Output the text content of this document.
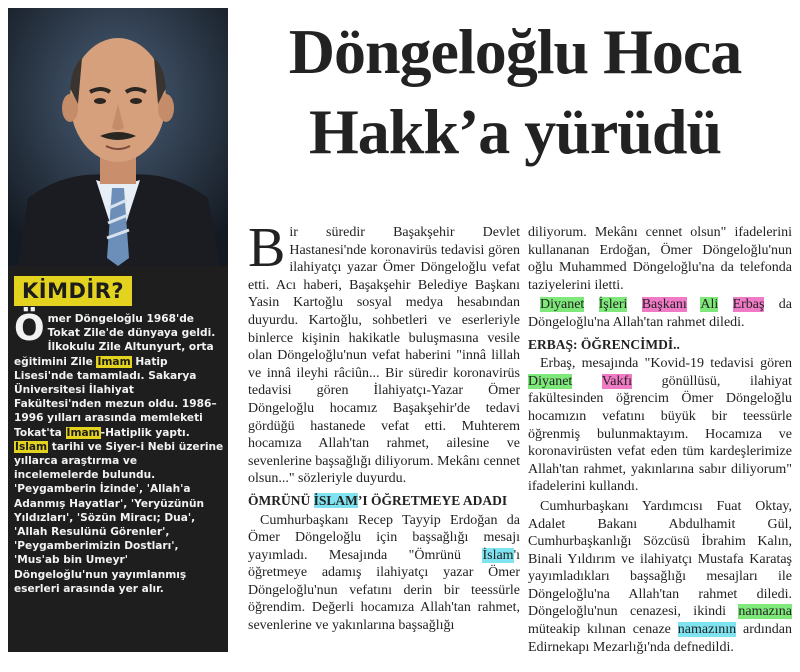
KİMDİR?

Ömer Döngeloğlu 1968'de Tokat Zile'de dünyaya geldi. İlkokulu Zile Altunyurt, orta eğitimini Zile İmam Hatip Lisesi'nde tamamladı. Sakarya Üniversitesi İlahiyat Fakültesi'nden mezun oldu. 1986–1996 yılları arasında memleketi Tokat'ta İmam-Hatiplik yaptı. İslam tarihi ve Siyer-i Nebi üzerine yıllarca araştırma ve incelemelerde bulundu. 'Peygamberin İzinde', 'Allah'a Adanmış Hayatlar', 'Yeryüzünün Yıldızları', 'Sözün Miracı; Dua', 'Allah Resulünü Görenler', 'Peygamberimizin Dostları', 'Mus'ab bin Umeyr' Döngeloğlu'nun yayımlanmış eserleri arasında yer alır.

Döngeloğlu Hoca
Hakk’a yürüdü

Bir süredir Başakşehir Devlet Hastanesi'nde koronavirüs tedavisi gören ilahiyatçı yazar Ömer Döngeloğlu vefat etti. Acı haberi, Başakşehir Belediye Başkanı Yasin Kartoğlu sosyal medya hesabından duyurdu. Kartoğlu, sohbetleri ve eserleriyle binlerce kişinin hakikatle buluşmasına vesile olan Döngeloğlu'nun vefat haberini "innâ lillah ve innâ ileyhi râciûn... Bir süredir koronavirüs tedavisi gören İlahiyatçı-Yazar Ömer Döngeloğlu hocamız Başakşehir'de tedavi gördüğü hastanede vefat etti. Muhterem hocamıza Allah'tan rahmet, ailesine ve sevenlerine başsağlığı diliyorum. Mekânı cennet olsun..." sözleriyle duyurdu.

ÖMRÜNÜ İSLAM’I ÖĞRETMEYE ADADI

Cumhurbaşkanı Recep Tayyip Erdoğan da Ömer Döngeloğlu için başsağlığı mesajı yayımladı. Mesajında "Ömrünü İslam'ı öğretmeye adamış ilahiyatçı yazar Ömer Döngeloğlu'nun vefatını derin bir teessürle öğrendim. Değerli hocamıza Allah'tan rahmet, sevenlerine ve yakınlarına başsağlığı

diliyorum. Mekânı cennet olsun" ifadelerini kullananan Erdoğan, Ömer Döngeloğlu'nun oğlu Muhammed Döngeloğlu'na da telefonda taziyelerini iletti.

Diyanet İşleri Başkanı Ali Erbaş da Döngeloğlu'na Allah'tan rahmet diledi.

ERBAŞ: ÖĞRENCİMDİ..

Erbaş, mesajında "Kovid-19 tedavisi gören Diyanet Vakfı gönüllüsü, ilahiyat fakültesinden öğrencim Ömer Döngeloğlu hocamızın vefatını büyük bir teessürle öğrenmiş bulunmaktayım. Hocamıza ve koronavirüsten vefat eden tüm kardeşlerimize Allah'tan rahmet, yakınlarına sabır diliyorum" ifadelerini kullandı.

Cumhurbaşkanı Yardımcısı Fuat Oktay, Adalet Bakanı Abdulhamit Gül, Cumhurbaşkanlığı Sözcüsü İbrahim Kalın, Binali Yıldırım ve ilahiyatçı Mustafa Karataş yayımladıkları başsağlığı mesajları ile Döngeloğlu'na Allah'tan rahmet diledi. Döngeloğlu'nun cenazesi, ikindi namazına müteakip kılınan cenaze namazının ardından Edirnekapı Mezarlığı'nda defnedildi.
